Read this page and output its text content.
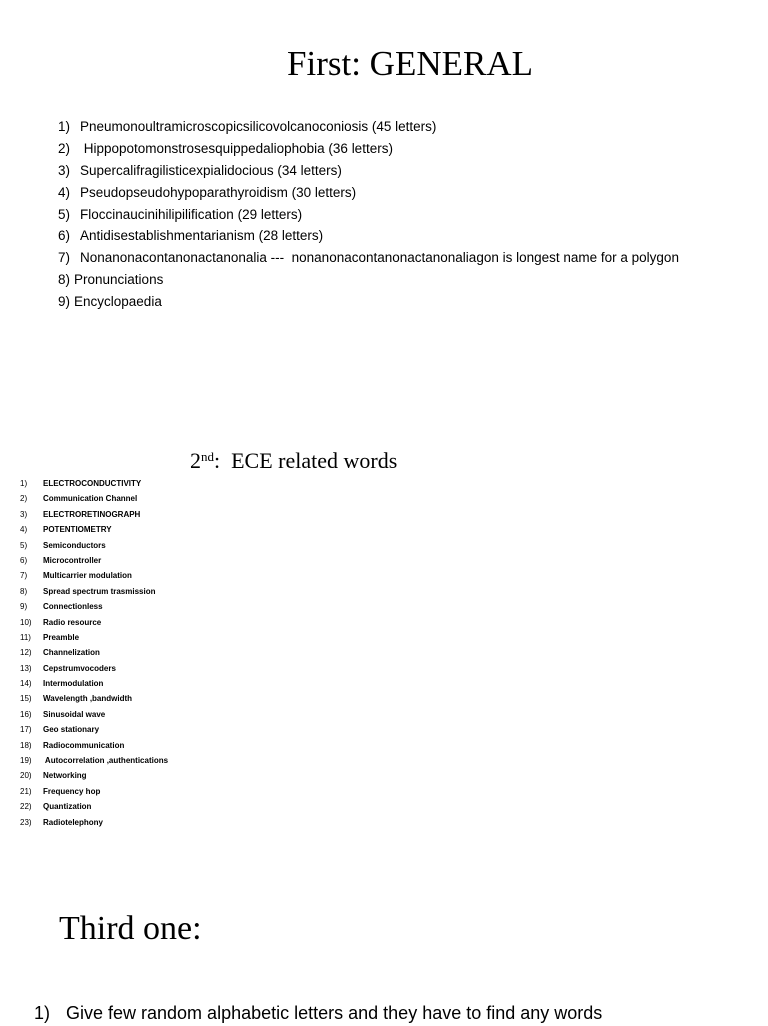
First: GENERAL
1) Pneumonoultramicroscopicsilicovolcanoconiosis (45 letters)
2) Hippopotomonstrosesquippedaliophobia (36 letters)
3) Supercalifragilisticexpialidocious (34 letters)
4) Pseudopseudohypoparathyroidism (30 letters)
5) Floccinaucinihilipilification (29 letters)
6) Antidisestablishmentarianism (28 letters)
7) Nonanonacontanonactanonalia ---  nonanonacontanonactanonaliagon is longest name for a polygon
8) Pronunciations
9) Encyclopaedia
2nd:  ECE related words
1) ELECTROCONDUCTIVITY
2) Communication Channel
3) ELECTRORETINOGRAPH
4) POTENTIOMETRY
5) Semiconductors
6) Microcontroller
7) Multicarrier modulation
8) Spread spectrum trasmission
9) Connectionless
10) Radio resource
11) Preamble
12) Channelization
13) Cepstrumvocoders
14) Intermodulation
15) Wavelength ,bandwidth
16) Sinusoidal wave
17) Geo stationary
18) Radiocommunication
19) Autocorrelation ,authentications
20) Networking
21) Frequency hop
22) Quantization
23) Radiotelephony
Third one:
1) Give few random alphabetic letters and they have to find any words
